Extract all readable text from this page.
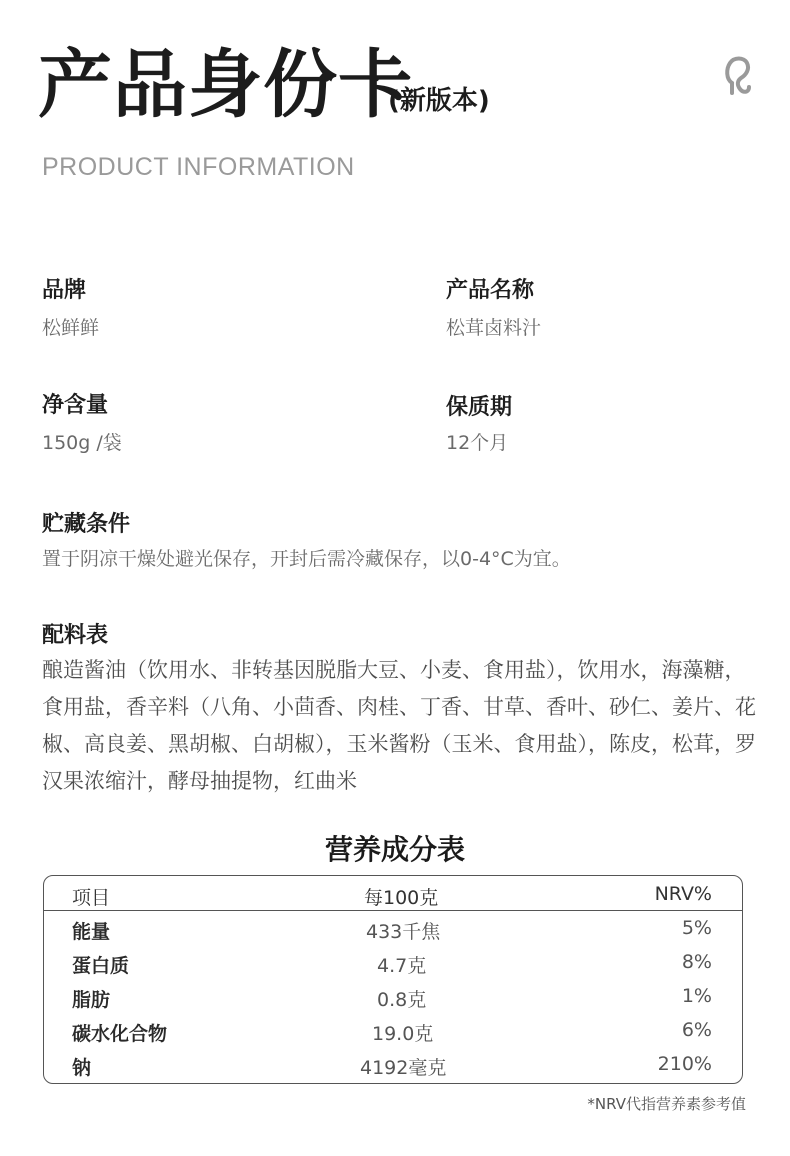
产品身份卡
(新版本)
PRODUCT INFORMATION
品牌
松鲜鲜
产品名称
松茸卤料汁
净含量
150g /袋
保质期
12个月
贮藏条件
置于阴凉干燥处避光保存，开封后需冷藏保存，以0-4°C为宜。
配料表
酿造酱油（饮用水、非转基因脱脂大豆、小麦、食用盐），饮用水，海藻糖，食用盐，香辛料（八角、小茴香、肉桂、丁香、甘草、香叶、砂仁、姜片、花椒、高良姜、黑胡椒、白胡椒），玉米酱粉（玉米、食用盐），陈皮，松茸，罗汉果浓缩汁，酵母抽提物，红曲米
营养成分表
项目	每100克	NRV%
能量	433千焦	5%
蛋白质	4.7克	8%
脂肪	0.8克	1%
碳水化合物	19.0克	6%
钠	4192毫克	210%
*NRV代指营养素参考值
